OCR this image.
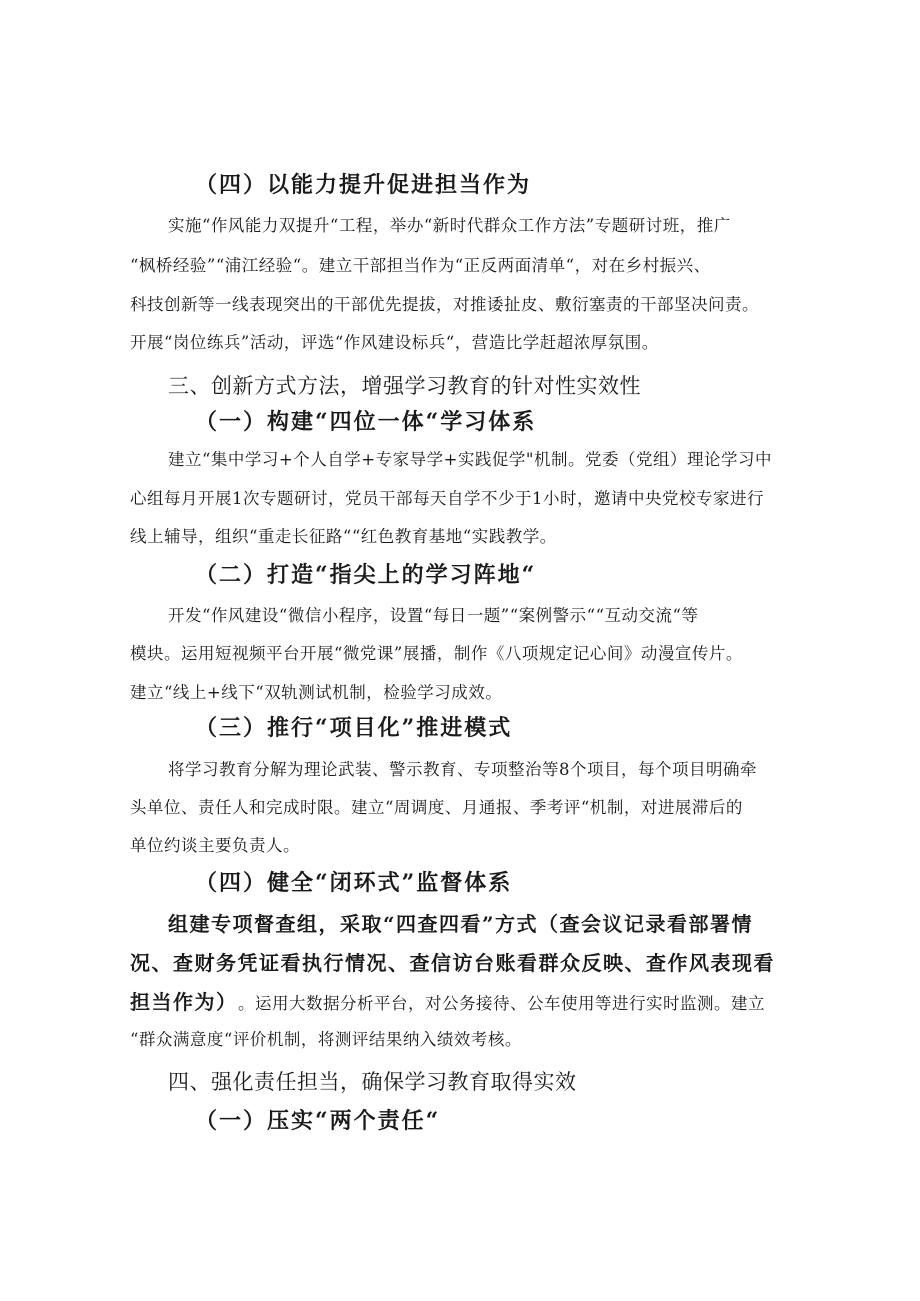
（四）以能力提升促进担当作为
实施“作风能力双提升“工程，举办“新时代群众工作方法”专题研讨班，推广
“枫桥经验”“浦江经验“。建立干部担当作为“正反两面清单“，对在乡村振兴、
科技创新等一线表现突出的干部优先提拔，对推诿扯皮、敷衍塞责的干部坚决问责。
开展“岗位练兵”活动，评选“作风建设标兵“，营造比学赶超浓厚氛围。
三、创新方式方法，增强学习教育的针对性实效性
（一）构建“四位一体“学习体系
建立“集中学习+个人自学+专家导学+实践促学"机制。党委（党组）理论学习中
心组每月开展1次专题研讨，党员干部每天自学不少于1小时，邀请中央党校专家进行
线上辅导，组织“重走长征路““红色教育基地“实践教学。
（二）打造“指尖上的学习阵地“
开发“作风建设“微信小程序，设置“每日一题”“案例警示““互动交流“等
模块。运用短视频平台开展“微党课”展播，制作《八项规定记心间》动漫宣传片。
建立“线上+线下“双轨测试机制，检验学习成效。
（三）推行“项目化”推进模式
将学习教育分解为理论武装、警示教育、专项整治等8个项目，每个项目明确牵
头单位、责任人和完成时限。建立“周调度、月通报、季考评“机制，对进展滞后的
单位约谈主要负责人。
（四）健全“闭环式”监督体系
组建专项督查组，采取“四查四看”方式（查会议记录看部署情
况、查财务凭证看执行情况、查信访台账看群众反映、查作风表现看
担当作为） 。运用大数据分析平台，对公务接待、公车使用等进行实时监测。建立
“群众满意度“评价机制，将测评结果纳入绩效考核。
四、强化责任担当，确保学习教育取得实效
（一）压实“两个责任“
